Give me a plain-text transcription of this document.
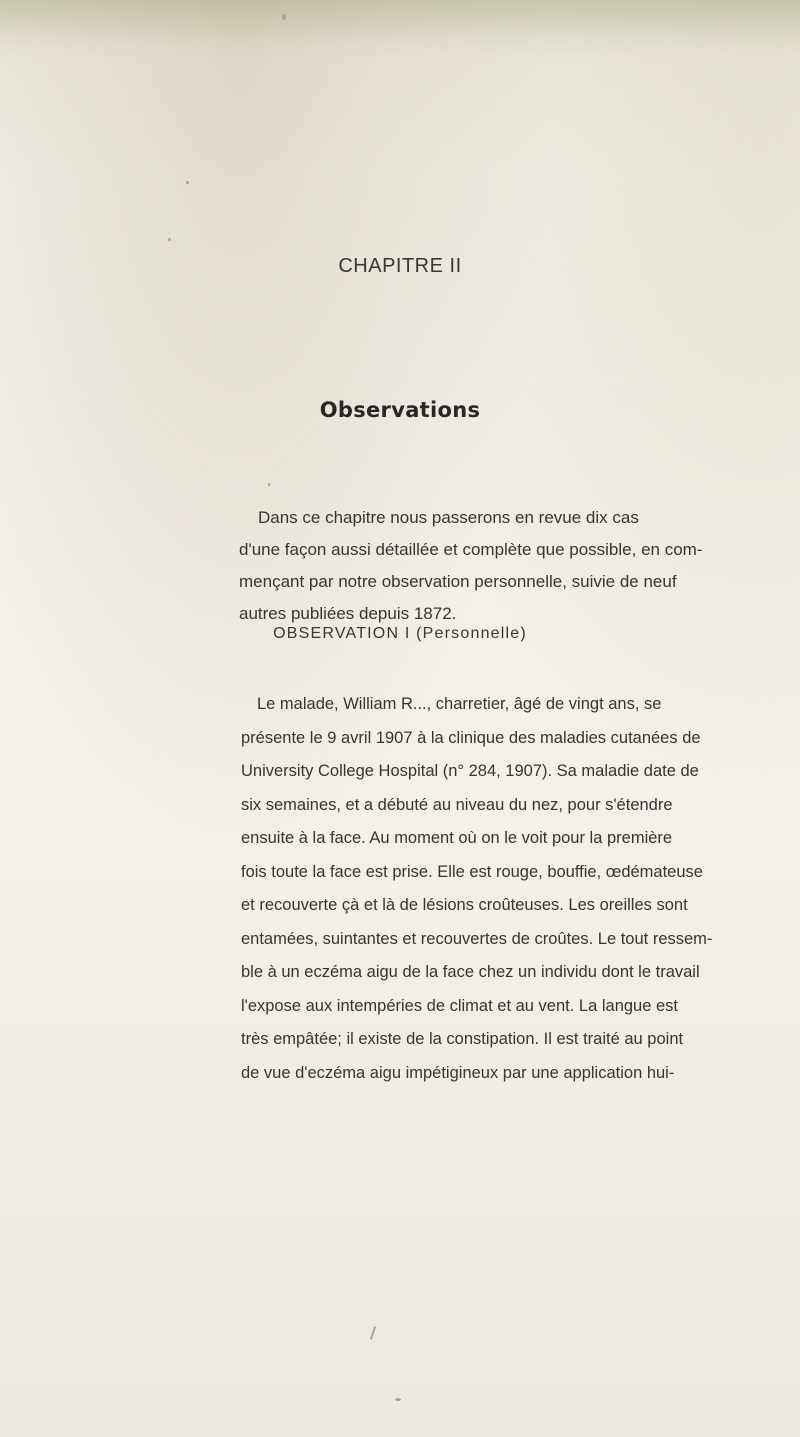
CHAPITRE II
Observations
Dans ce chapitre nous passerons en revue dix cas
d'une façon aussi détaillée et complète que possible, en com-
mençant par notre observation personnelle, suivie de neuf
autres publiées depuis 1872.
OBSERVATION I (Personnelle)
Le malade, William R..., charretier, âgé de vingt ans, se
présente le 9 avril 1907 à la clinique des maladies cutanées de
University College Hospital (n° 284, 1907). Sa maladie date de
six semaines, et a débuté au niveau du nez, pour s'étendre
ensuite à la face. Au moment où on le voit pour la première
fois toute la face est prise. Elle est rouge, bouffie, œdémateuse
et recouverte çà et là de lésions croûteuses. Les oreilles sont
entamées, suintantes et recouvertes de croûtes. Le tout ressem-
ble à un eczéma aigu de la face chez un individu dont le travail
l'expose aux intempéries de climat et au vent. La langue est
très empâtée; il existe de la constipation. Il est traité au point
de vue d'eczéma aigu impétigineux par une application hui-
